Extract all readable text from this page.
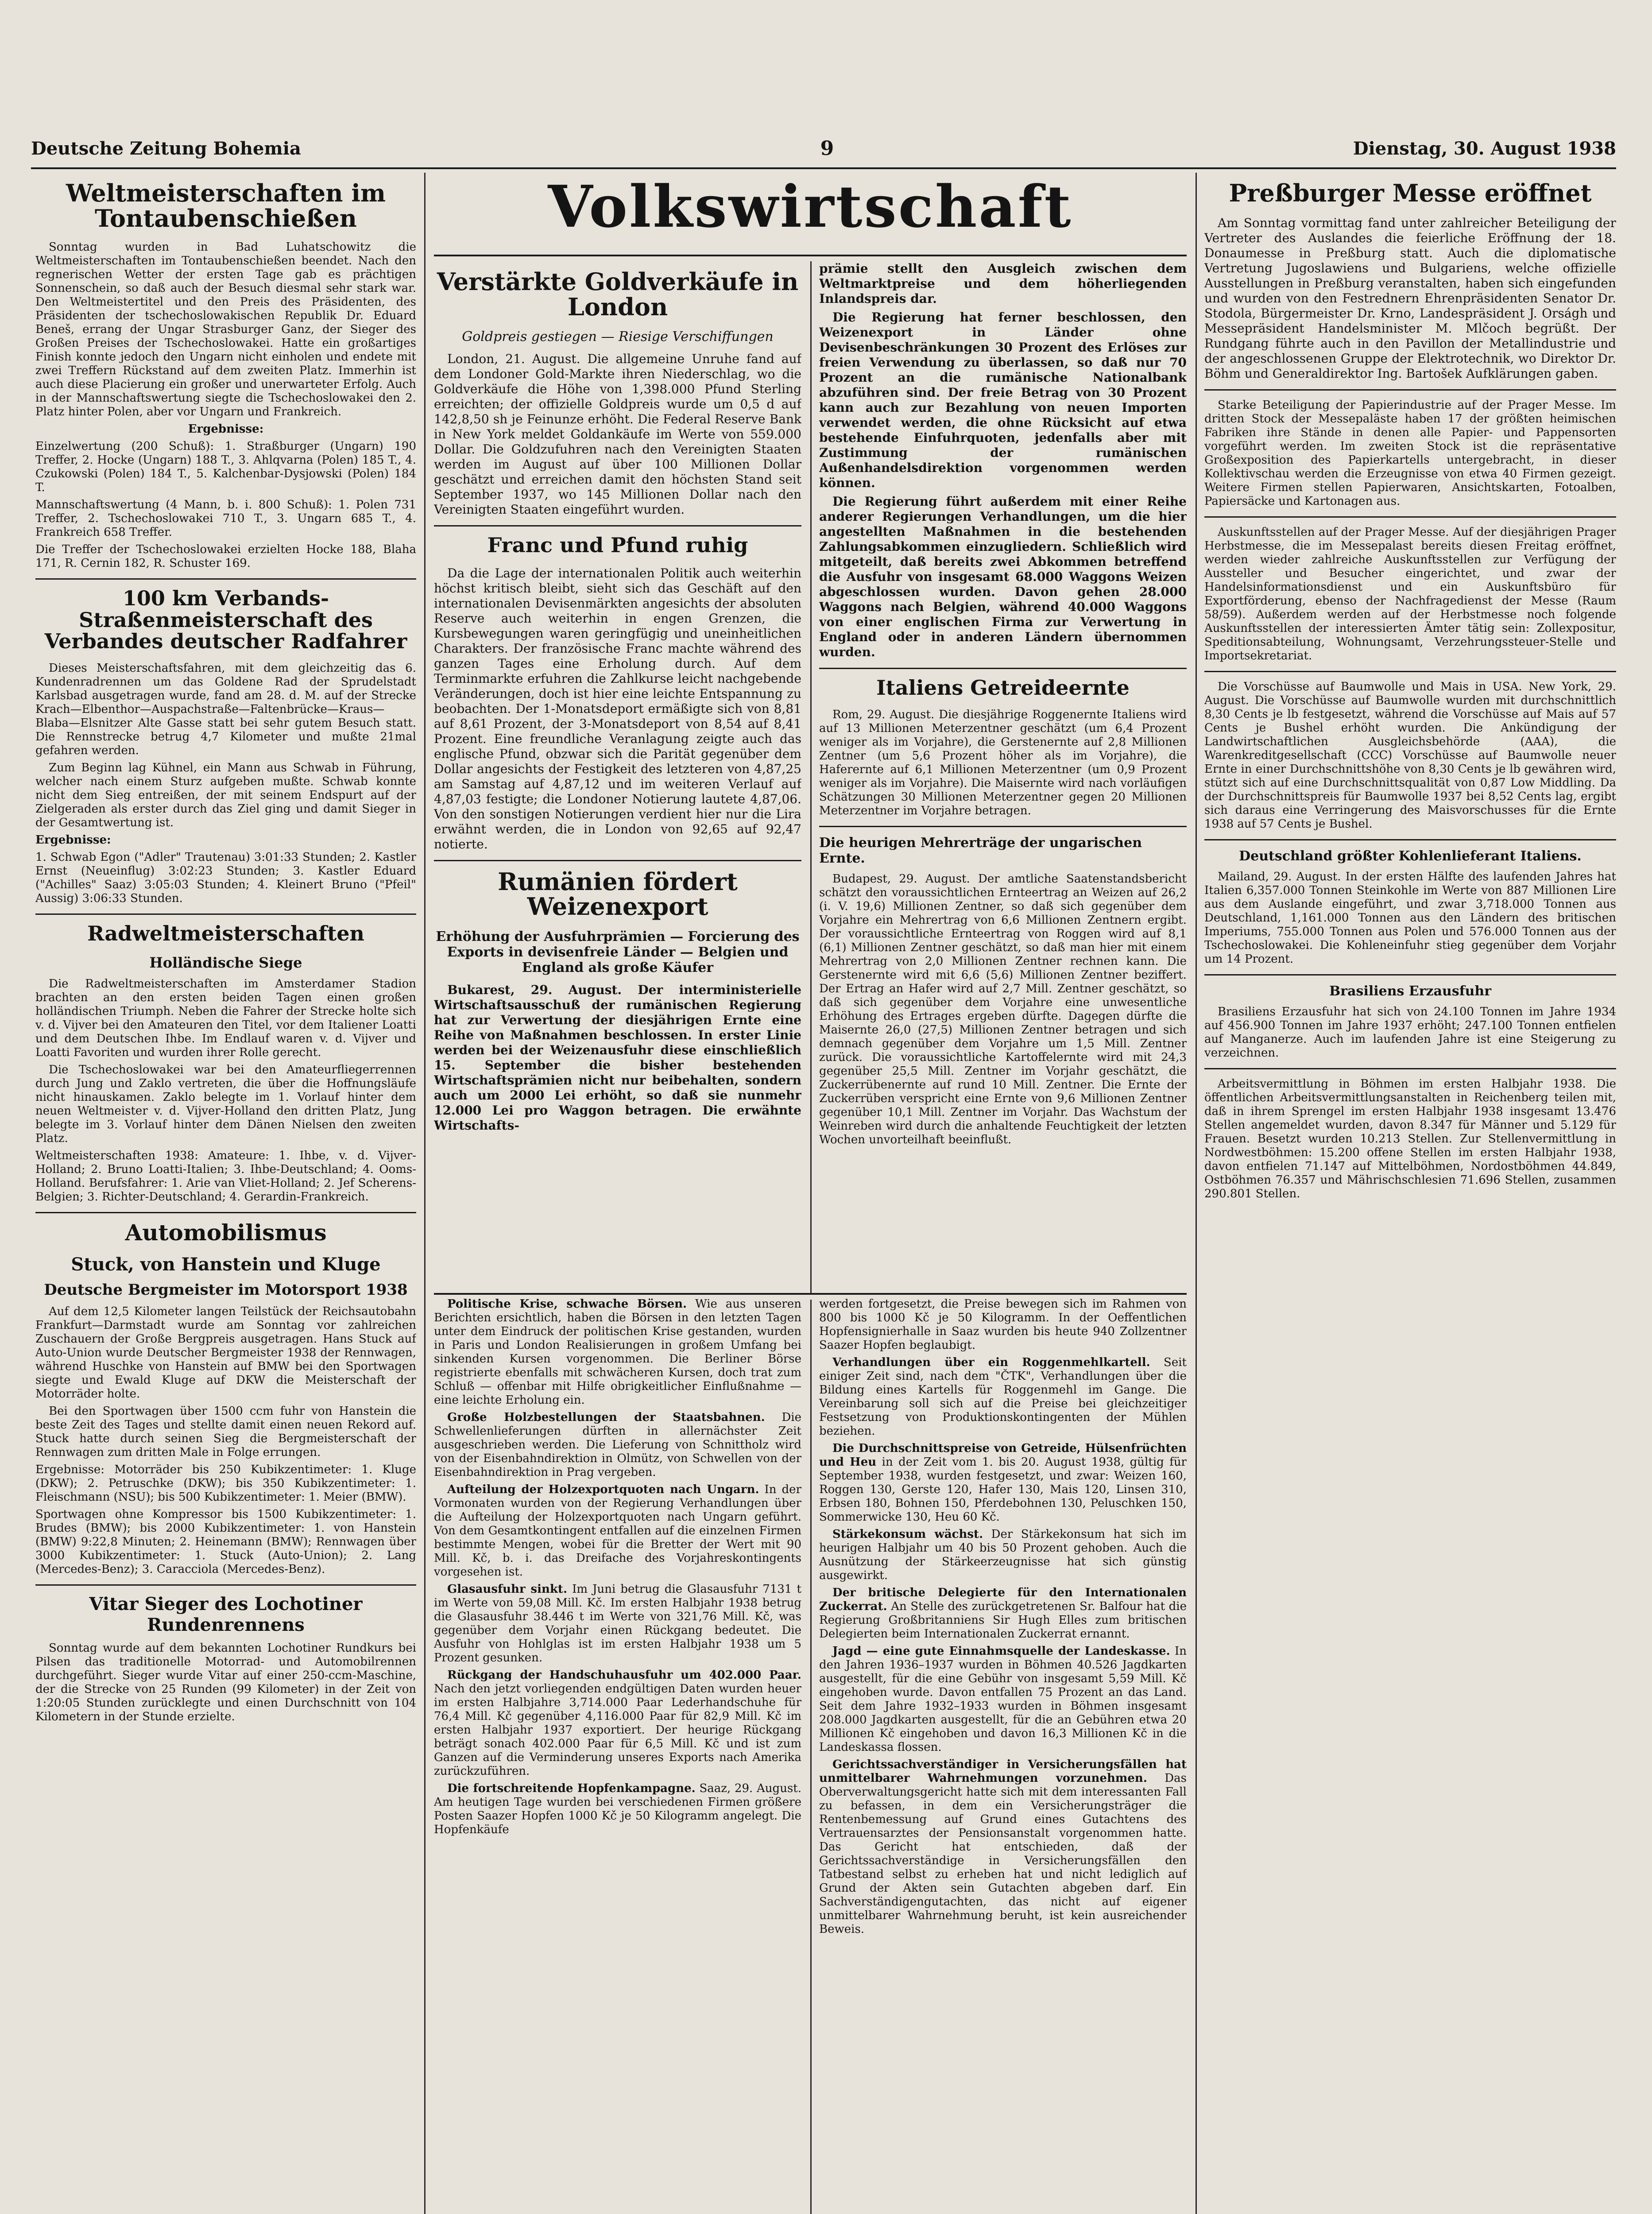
Deutsche Zeitung Bohemia	9	Dienstag, 30. August 1938
Weltmeisterschaften im Tontaubenschießen

Sonntag wurden in Bad Luhatschowitz die Weltmeisterschaften im Tontaubenschießen beendet. Nach den regnerischen Wetter der ersten Tage gab es prächtigen Sonnenschein, so daß auch der Besuch diesmal sehr stark war. Den Weltmeistertitel und den Preis des Präsidenten, des Präsidenten der tschechoslowakischen Republik Dr. Eduard Beneš, errang der Ungar Strasburger Ganz, der Sieger des Großen Preises der Tschechoslowakei. Hatte ein großartiges Finish konnte jedoch den Ungarn nicht einholen und endete mit zwei Treffern Rückstand auf dem zweiten Platz. Immerhin ist auch diese Placierung ein großer und unerwarteter Erfolg. Auch in der Mannschaftswertung siegte die Tschechoslowakei den 2. Platz hinter Polen, aber vor Ungarn und Frankreich.

Ergebnisse:

Einzelwertung (200 Schuß): 1. Straßburger (Ungarn) 190 Treffer, 2. Hocke (Ungarn) 188 T., 3. Ahlqvarna (Polen) 185 T., 4. Czukowski (Polen) 184 T., 5. Kalchenbar-Dysjowski (Polen) 184 T.

Mannschaftswertung (4 Mann, b. i. 800 Schuß): 1. Polen 731 Treffer, 2. Tschechoslowakei 710 T., 3. Ungarn 685 T., 4. Frankreich 658 Treffer.

Die Treffer der Tschechoslowakei erzielten Hocke 188, Blaha 171, R. Cernin 182, R. Schuster 169.

100 km Verbands-Straßenmeisterschaft des Verbandes deutscher Radfahrer

Dieses Meisterschaftsfahren, mit dem gleichzeitig das 6. Kundenradrennen um das Goldene Rad der Sprudelstadt Karlsbad ausgetragen wurde, fand am 28. d. M. auf der Strecke Krach—Elbenthor—Auspachstraße—Faltenbrücke—Kraus—Blaba—Elsnitzer Alte Gasse statt bei sehr gutem Besuch statt. Die Rennstrecke betrug 4,7 Kilometer und mußte 21mal gefahren werden.

Zum Beginn lag Kühnel, ein Mann aus Schwab in Führung, welcher nach einem Sturz aufgeben mußte. Schwab konnte nicht dem Sieg entreißen, der mit seinem Endspurt auf der Zielgeraden als erster durch das Ziel ging und damit Sieger in der Gesamtwertung ist.

Ergebnisse:

1. Schwab Egon ("Adler" Trautenau) 3:01:33 Stunden; 2. Kastler Ernst (Neueinflug) 3:02:23 Stunden; 3. Kastler Eduard ("Achilles" Saaz) 3:05:03 Stunden; 4. Kleinert Bruno ("Pfeil" Aussig) 3:06:33 Stunden.

Radweltmeisterschaften
Holländische Siege

Die Radweltmeisterschaften im Amsterdamer Stadion brachten an den ersten beiden Tagen einen großen holländischen Triumph. Neben die Fahrer der Strecke holte sich v. d. Vijver bei den Amateuren den Titel, vor dem Italiener Loatti und dem Deutschen Ihbe. Im Endlauf waren v. d. Vijver und Loatti Favoriten und wurden ihrer Rolle gerecht.

Die Tschechoslowakei war bei den Amateurfliegerrennen durch Jung und Zaklo vertreten, die über die Hoffnungsläufe nicht hinauskamen. Zaklo belegte im 1. Vorlauf hinter dem neuen Weltmeister v. d. Vijver-Holland den dritten Platz, Jung belegte im 3. Vorlauf hinter dem Dänen Nielsen den zweiten Platz.

Weltmeisterschaften 1938: Amateure: 1. Ihbe, v. d. Vijver-Holland; 2. Bruno Loatti-Italien; 3. Ihbe-Deutschland; 4. Ooms-Holland. Berufsfahrer: 1. Arie van Vliet-Holland; 2. Jef Scherens-Belgien; 3. Richter-Deutschland; 4. Gerardin-Frankreich.

Automobilismus
Stuck, von Hanstein und Kluge
Deutsche Bergmeister im Motorsport 1938

Auf dem 12,5 Kilometer langen Teilstück der Reichsautobahn Frankfurt—Darmstadt wurde am Sonntag vor zahlreichen Zuschauern der Große Bergpreis ausgetragen. Hans Stuck auf Auto-Union wurde Deutscher Bergmeister 1938 der Rennwagen, während Huschke von Hanstein auf BMW bei den Sportwagen siegte und Ewald Kluge auf DKW die Meisterschaft der Motorräder holte.

Bei den Sportwagen über 1500 ccm fuhr von Hanstein die beste Zeit des Tages und stellte damit einen neuen Rekord auf. Stuck hatte durch seinen Sieg die Bergmeisterschaft der Rennwagen zum dritten Male in Folge errungen.

Ergebnisse: Motorräder bis 250 Kubikzentimeter: 1. Kluge (DKW); 2. Petruschke (DKW); bis 350 Kubikzentimeter: 1. Fleischmann (NSU); bis 500 Kubikzentimeter: 1. Meier (BMW).

Sportwagen ohne Kompressor bis 1500 Kubikzentimeter: 1. Brudes (BMW); bis 2000 Kubikzentimeter: 1. von Hanstein (BMW) 9:22,8 Minuten; 2. Heinemann (BMW); Rennwagen über 3000 Kubikzentimeter: 1. Stuck (Auto-Union); 2. Lang (Mercedes-Benz); 3. Caracciola (Mercedes-Benz).

Vitar Sieger des Lochotiner Rundenrennens

Sonntag wurde auf dem bekannten Lochotiner Rundkurs bei Pilsen das traditionelle Motorrad- und Automobilrennen durchgeführt. Sieger wurde Vitar auf einer 250-ccm-Maschine, der die Strecke von 25 Runden (99 Kilometer) in der Zeit von 1:20:05 Stunden zurücklegte und einen Durchschnitt von 104 Kilometern in der Stunde erzielte.

Volkswirtschaft
Verstärkte Goldverkäufe in London

Goldpreis gestiegen — Riesige Verschiffungen

London, 21. August. Die allgemeine Unruhe fand auf dem Londoner Gold-Markte ihren Niederschlag, wo die Goldverkäufe die Höhe von 1,398.000 Pfund Sterling erreichten; der offizielle Goldpreis wurde um 0,5 d auf 142,8,50 sh je Feinunze erhöht. Die Federal Reserve Bank in New York meldet Goldankäufe im Werte von 559.000 Dollar. Die Goldzufuhren nach den Vereinigten Staaten werden im August auf über 100 Millionen Dollar geschätzt und erreichen damit den höchsten Stand seit September 1937, wo 145 Millionen Dollar nach den Vereinigten Staaten eingeführt wurden.

Franc und Pfund ruhig

Da die Lage der internationalen Politik auch weiterhin höchst kritisch bleibt, sieht sich das Geschäft auf den internationalen Devisenmärkten angesichts der absoluten Reserve auch weiterhin in engen Grenzen, die Kursbewegungen waren geringfügig und uneinheitlichen Charakters. Der französische Franc machte während des ganzen Tages eine Erholung durch. Auf dem Terminmarkte erfuhren die Zahlkurse leicht nachgebende Veränderungen, doch ist hier eine leichte Entspannung zu beobachten. Der 1-Monatsdeport ermäßigte sich von 8,81 auf 8,61 Prozent, der 3-Monatsdeport von 8,54 auf 8,41 Prozent. Eine freundliche Veranlagung zeigte auch das englische Pfund, obzwar sich die Parität gegenüber dem Dollar angesichts der Festigkeit des letzteren von 4,87,25 am Samstag auf 4,87,12 und im weiteren Verlauf auf 4,87,03 festigte; die Londoner Notierung lautete 4,87,06. Von den sonstigen Notierungen verdient hier nur die Lira erwähnt werden, die in London von 92,65 auf 92,47 notierte.

Rumänien fördert Weizenexport

Erhöhung der Ausfuhrprämien — Forcierung des Exports in devisenfreie Länder — Belgien und England als große Käufer

Bukarest, 29. August. Der interministerielle Wirtschaftsausschuß der rumänischen Regierung hat zur Verwertung der diesjährigen Ernte eine Reihe von Maßnahmen beschlossen. In erster Linie werden bei der Weizenausfuhr diese einschließlich 15. September die bisher bestehenden Wirtschaftsprämien nicht nur beibehalten, sondern auch um 2000 Lei erhöht, so daß sie nunmehr 12.000 Lei pro Waggon betragen. Die erwähnte Wirtschafts-

prämie stellt den Ausgleich zwischen dem Weltmarktpreise und dem höherliegenden Inlandspreis dar.

Die Regierung hat ferner beschlossen, den Weizenexport in Länder ohne Devisenbeschränkungen 30 Prozent des Erlöses zur freien Verwendung zu überlassen, so daß nur 70 Prozent an die rumänische Nationalbank abzuführen sind. Der freie Betrag von 30 Prozent kann auch zur Bezahlung von neuen Importen verwendet werden, die ohne Rücksicht auf etwa bestehende Einfuhrquoten, jedenfalls aber mit Zustimmung der rumänischen Außenhandelsdirektion vorgenommen werden können.

Die Regierung führt außerdem mit einer Reihe anderer Regierungen Verhandlungen, um die hier angestellten Maßnahmen in die bestehenden Zahlungsabkommen einzugliedern. Schließlich wird mitgeteilt, daß bereits zwei Abkommen betreffend die Ausfuhr von insgesamt 68.000 Waggons Weizen abgeschlossen wurden. Davon gehen 28.000 Waggons nach Belgien, während 40.000 Waggons von einer englischen Firma zur Verwertung in England oder in anderen Ländern übernommen wurden.

Italiens Getreideernte

Rom, 29. August. Die diesjährige Roggenernte Italiens wird auf 13 Millionen Meterzentner geschätzt (um 6,4 Prozent weniger als im Vorjahre), die Gerstenernte auf 2,8 Millionen Zentner (um 5,6 Prozent höher als im Vorjahre), die Haferernte auf 6,1 Millionen Meterzentner (um 0,9 Prozent weniger als im Vorjahre). Die Maisernte wird nach vorläufigen Schätzungen 30 Millionen Meterzentner gegen 20 Millionen Meterzentner im Vorjahre betragen.

Die heurigen Mehrerträge der ungarischen Ernte.

Budapest, 29. August. Der amtliche Saatenstandsbericht schätzt den voraussichtlichen Ernteertrag an Weizen auf 26,2 (i. V. 19,6) Millionen Zentner, so daß sich gegenüber dem Vorjahre ein Mehrertrag von 6,6 Millionen Zentnern ergibt. Der voraussichtliche Ernteertrag von Roggen wird auf 8,1 (6,1) Millionen Zentner geschätzt, so daß man hier mit einem Mehrertrag von 2,0 Millionen Zentner rechnen kann. Die Gerstenernte wird mit 6,6 (5,6) Millionen Zentner beziffert. Der Ertrag an Hafer wird auf 2,7 Mill. Zentner geschätzt, so daß sich gegenüber dem Vorjahre eine unwesentliche Erhöhung des Ertrages ergeben dürfte. Dagegen dürfte die Maisernte 26,0 (27,5) Millionen Zentner betragen und sich demnach gegenüber dem Vorjahre um 1,5 Mill. Zentner zurück. Die voraussichtliche Kartoffelernte wird mit 24,3 gegenüber 25,5 Mill. Zentner im Vorjahr geschätzt, die Zuckerrübenernte auf rund 10 Mill. Zentner. Die Ernte der Zuckerrüben verspricht eine Ernte von 9,6 Millionen Zentner gegenüber 10,1 Mill. Zentner im Vorjahr. Das Wachstum der Weinreben wird durch die anhaltende Feuchtigkeit der letzten Wochen unvorteilhaft beeinflußt.

Politische Krise, schwache Börsen. Wie aus unseren Berichten ersichtlich, haben die Börsen in den letzten Tagen unter dem Eindruck der politischen Krise gestanden, wurden in Paris und London Realisierungen in großem Umfang bei sinkenden Kursen vorgenommen. Die Berliner Börse registrierte ebenfalls mit schwächeren Kursen, doch trat zum Schluß — offenbar mit Hilfe obrigkeitlicher Einflußnahme — eine leichte Erholung ein.

Große Holzbestellungen der Staatsbahnen. Die Schwellenlieferungen dürften in allernächster Zeit ausgeschrieben werden. Die Lieferung von Schnittholz wird von der Eisenbahndirektion in Olmütz, von Schwellen von der Eisenbahndirektion in Prag vergeben.

Aufteilung der Holzexportquoten nach Ungarn. In der Vormonaten wurden von der Regierung Verhandlungen über die Aufteilung der Holzexportquoten nach Ungarn geführt. Von dem Gesamtkontingent entfallen auf die einzelnen Firmen bestimmte Mengen, wobei für die Bretter der Wert mit 90 Mill. Kč, b. i. das Dreifache des Vorjahreskontingents vorgesehen ist.

Glasausfuhr sinkt. Im Juni betrug die Glasausfuhr 7131 t im Werte von 59,08 Mill. Kč. Im ersten Halbjahr 1938 betrug die Glasausfuhr 38.446 t im Werte von 321,76 Mill. Kč, was gegenüber dem Vorjahr einen Rückgang bedeutet. Die Ausfuhr von Hohlglas ist im ersten Halbjahr 1938 um 5 Prozent gesunken.

Rückgang der Handschuhausfuhr um 402.000 Paar. Nach den jetzt vorliegenden endgültigen Daten wurden heuer im ersten Halbjahre 3,714.000 Paar Lederhandschuhe für 76,4 Mill. Kč gegenüber 4,116.000 Paar für 82,9 Mill. Kč im ersten Halbjahr 1937 exportiert. Der heurige Rückgang beträgt sonach 402.000 Paar für 6,5 Mill. Kč und ist zum Ganzen auf die Verminderung unseres Exports nach Amerika zurückzuführen.

Die fortschreitende Hopfenkampagne. Saaz, 29. August. Am heutigen Tage wurden bei verschiedenen Firmen größere Posten Saazer Hopfen 1000 Kč je 50 Kilogramm angelegt. Die Hopfenkäufe

werden fortgesetzt, die Preise bewegen sich im Rahmen von 800 bis 1000 Kč je 50 Kilogramm. In der Oeffentlichen Hopfensignierhalle in Saaz wurden bis heute 940 Zollzentner Saazer Hopfen beglaubigt.

Verhandlungen über ein Roggenmehlkartell. Seit einiger Zeit sind, nach dem "ČTK", Verhandlungen über die Bildung eines Kartells für Roggenmehl im Gange. Die Vereinbarung soll sich auf die Preise bei gleichzeitiger Festsetzung von Produktionskontingenten der Mühlen beziehen.

Die Durchschnittspreise von Getreide, Hülsenfrüchten und Heu in der Zeit vom 1. bis 20. August 1938, gültig für September 1938, wurden festgesetzt, und zwar: Weizen 160, Roggen 130, Gerste 120, Hafer 130, Mais 120, Linsen 310, Erbsen 180, Bohnen 150, Pferdebohnen 130, Peluschken 150, Sommerwicke 130, Heu 60 Kč.

Stärkekonsum wächst. Der Stärkekonsum hat sich im heurigen Halbjahr um 40 bis 50 Prozent gehoben. Auch die Ausnützung der Stärkeerzeugnisse hat sich günstig ausgewirkt.

Der britische Delegierte für den Internationalen Zuckerrat. An Stelle des zurückgetretenen Sr. Balfour hat die Regierung Großbritanniens Sir Hugh Elles zum britischen Delegierten beim Internationalen Zuckerrat ernannt.

Jagd — eine gute Einnahmsquelle der Landeskasse. In den Jahren 1936–1937 wurden in Böhmen 40.526 Jagdkarten ausgestellt, für die eine Gebühr von insgesamt 5,59 Mill. Kč eingehoben wurde. Davon entfallen 75 Prozent an das Land. Seit dem Jahre 1932–1933 wurden in Böhmen insgesamt 208.000 Jagdkarten ausgestellt, für die an Gebühren etwa 20 Millionen Kč eingehoben und davon 16,3 Millionen Kč in die Landeskassa flossen.

Gerichtssachverständiger in Versicherungsfällen hat unmittelbarer Wahrnehmungen vorzunehmen. Das Oberverwaltungsgericht hatte sich mit dem interessanten Fall zu befassen, in dem ein Versicherungsträger die Rentenbemessung auf Grund eines Gutachtens des Vertrauensarztes der Pensionsanstalt vorgenommen hatte. Das Gericht hat entschieden, daß der Gerichtssachverständige in Versicherungsfällen den Tatbestand selbst zu erheben hat und nicht lediglich auf Grund der Akten sein Gutachten abgeben darf. Ein Sachverständigengutachten, das nicht auf eigener unmittelbarer Wahrnehmung beruht, ist kein ausreichender Beweis.

Preßburger Messe eröffnet

Am Sonntag vormittag fand unter zahlreicher Beteiligung der Vertreter des Auslandes die feierliche Eröffnung der 18. Donaumesse in Preßburg statt. Auch die diplomatische Vertretung Jugoslawiens und Bulgariens, welche offizielle Ausstellungen in Preßburg veranstalten, haben sich eingefunden und wurden von den Festrednern Ehrenpräsidenten Senator Dr. Stodola, Bürgermeister Dr. Krno, Landespräsident J. Orságh und Messepräsident Handelsminister M. Mlčoch begrüßt. Der Rundgang führte auch in den Pavillon der Metallindustrie und der angeschlossenen Gruppe der Elektrotechnik, wo Direktor Dr. Böhm und Generaldirektor Ing. Bartošek Aufklärungen gaben.

Starke Beteiligung der Papierindustrie auf der Prager Messe. Im dritten Stock der Messepaläste haben 17 der größten heimischen Fabriken ihre Stände in denen alle Papier- und Pappensorten vorgeführt werden. Im zweiten Stock ist die repräsentative Großexposition des Papierkartells untergebracht, in dieser Kollektivschau werden die Erzeugnisse von etwa 40 Firmen gezeigt. Weitere Firmen stellen Papierwaren, Ansichtskarten, Fotoalben, Papiersäcke und Kartonagen aus.

Auskunftsstellen auf der Prager Messe. Auf der diesjährigen Prager Herbstmesse, die im Messepalast bereits diesen Freitag eröffnet, werden wieder zahlreiche Auskunftsstellen zur Verfügung der Aussteller und Besucher eingerichtet, und zwar der Handelsinformationsdienst und ein Auskunftsbüro für Exportförderung, ebenso der Nachfragedienst der Messe (Raum 58/59). Außerdem werden auf der Herbstmesse noch folgende Auskunftsstellen der interessierten Ämter tätig sein: Zollexpositur, Speditionsabteilung, Wohnungsamt, Verzehrungssteuer-Stelle und Importsekretariat.

Die Vorschüsse auf Baumwolle und Mais in USA. New York, 29. August. Die Vorschüsse auf Baumwolle wurden mit durchschnittlich 8,30 Cents je lb festgesetzt, während die Vorschüsse auf Mais auf 57 Cents je Bushel erhöht wurden. Die Ankündigung der Landwirtschaftlichen Ausgleichsbehörde (AAA), die Warenkreditgesellschaft (CCC) Vorschüsse auf Baumwolle neuer Ernte in einer Durchschnittshöhe von 8,30 Cents je lb gewähren wird, stützt sich auf eine Durchschnittsqualität von 0,87 Low Middling. Da der Durchschnittspreis für Baumwolle 1937 bei 8,52 Cents lag, ergibt sich daraus eine Verringerung des Maisvorschusses für die Ernte 1938 auf 57 Cents je Bushel.

Deutschland größter Kohlenlieferant Italiens.

Mailand, 29. August. In der ersten Hälfte des laufenden Jahres hat Italien 6,357.000 Tonnen Steinkohle im Werte von 887 Millionen Lire aus dem Auslande eingeführt, und zwar 3,718.000 Tonnen aus Deutschland, 1,161.000 Tonnen aus den Ländern des britischen Imperiums, 755.000 Tonnen aus Polen und 576.000 Tonnen aus der Tschechoslowakei. Die Kohleneinfuhr stieg gegenüber dem Vorjahr um 14 Prozent.

Brasiliens Erzausfuhr

Brasiliens Erzausfuhr hat sich von 24.100 Tonnen im Jahre 1934 auf 456.900 Tonnen im Jahre 1937 erhöht; 247.100 Tonnen entfielen auf Manganerze. Auch im laufenden Jahre ist eine Steigerung zu verzeichnen.

Arbeitsvermittlung in Böhmen im ersten Halbjahr 1938. Die öffentlichen Arbeitsvermittlungsanstalten in Reichenberg teilen mit, daß in ihrem Sprengel im ersten Halbjahr 1938 insgesamt 13.476 Stellen angemeldet wurden, davon 8.347 für Männer und 5.129 für Frauen. Besetzt wurden 10.213 Stellen. Zur Stellenvermittlung in Nordwestböhmen: 15.200 offene Stellen im ersten Halbjahr 1938, davon entfielen 71.147 auf Mittelböhmen, Nordostböhmen 44.849, Ostböhmen 76.357 und Mährischschlesien 71.696 Stellen, zusammen 290.801 Stellen.
